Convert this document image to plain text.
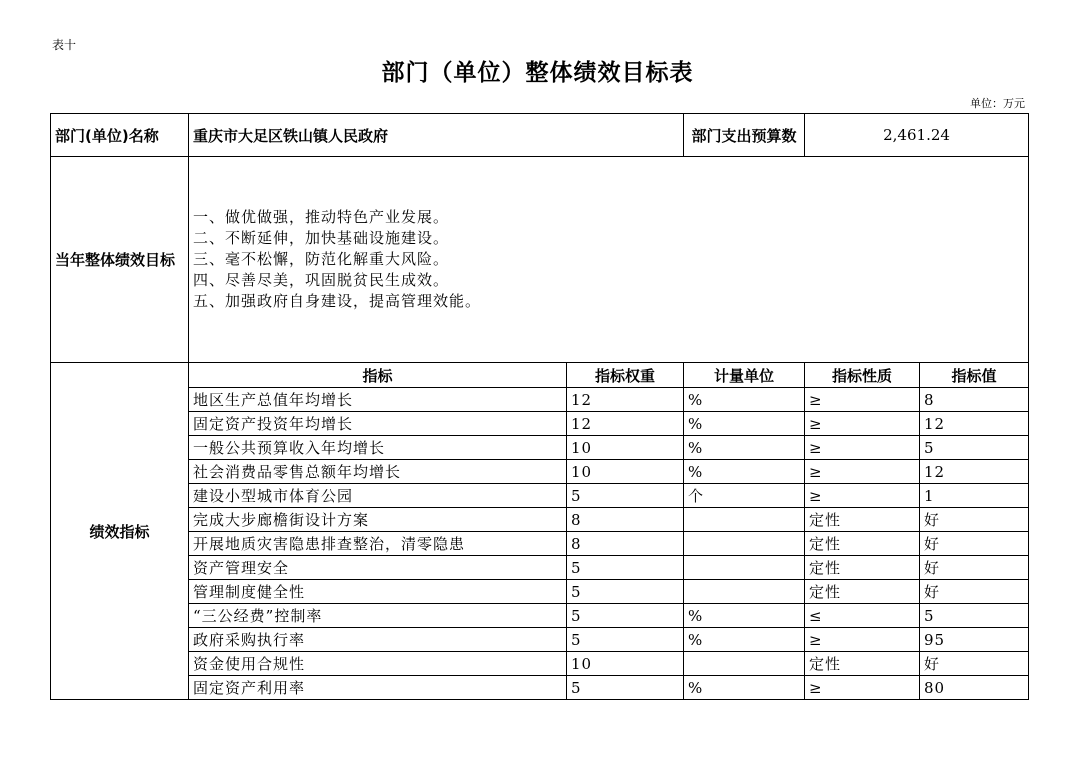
表十
部门（单位）整体绩效目标表
单位：万元
部门(单位)名称	重庆市大足区铁山镇人民政府		部门支出预算数	2,461.24	
当年整体绩效目标	一、做优做强，推动特色产业发展。
二、不断延伸，加快基础设施建设。
三、毫不松懈，防范化解重大风险。
四、尽善尽美，巩固脱贫民生成效。
五、加强政府自身建设，提高管理效能。				

绩效指标	指标	指标权重	计量单位	指标性质	指标值
	地区生产总值年均增长	12	%	≥	8
	固定资产投资年均增长	12	%	≥	12
	一般公共预算收入年均增长	10	%	≥	5
	社会消费品零售总额年均增长	10	%	≥	12
	建设小型城市体育公园	5	个	≥	1
	完成大步廊檐街设计方案	8		定性	好
	开展地质灾害隐患排查整治，清零隐患	8		定性	好
	资产管理安全	5		定性	好
	管理制度健全性	5		定性	好
	“三公经费”控制率	5	%	≤	5
	政府采购执行率	5	%	≥	95
	资金使用合规性	10		定性	好
	固定资产利用率	5	%	≥	80
